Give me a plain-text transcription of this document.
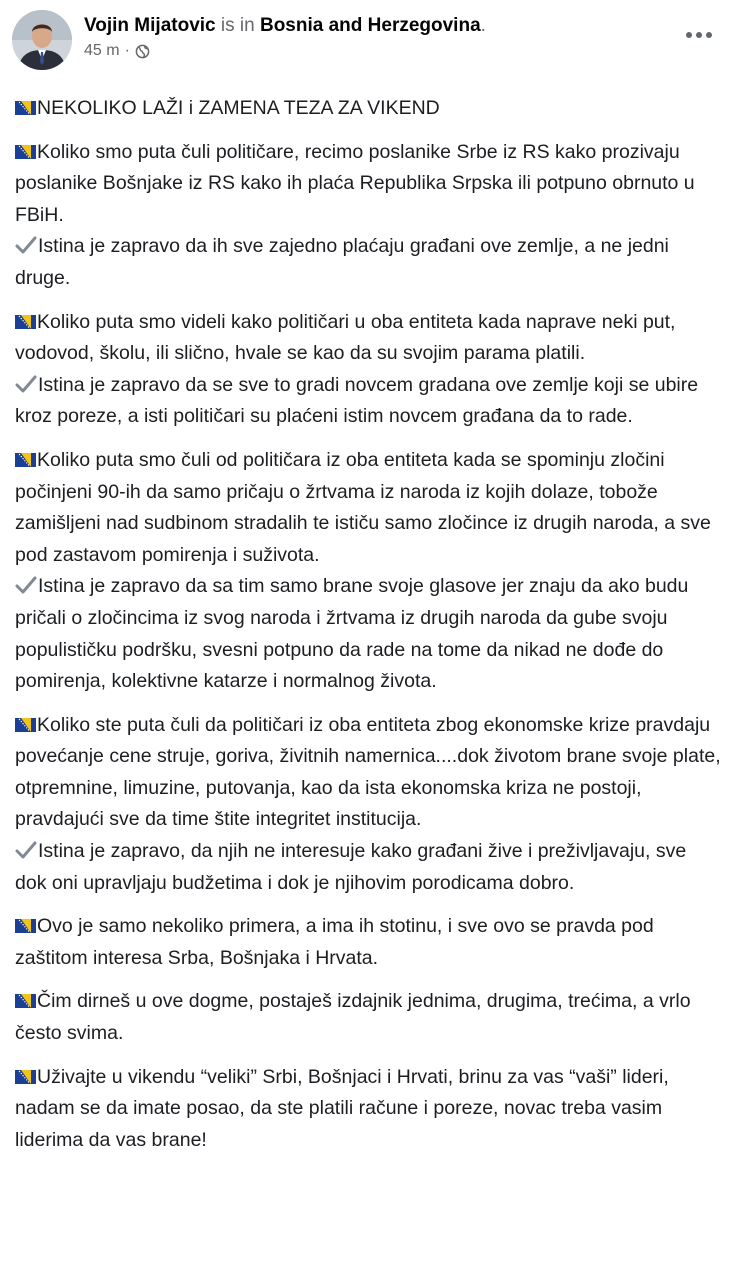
Vojin Mijatovic is in Bosnia and Herzegovina.
45 m ·

NEKOLIKO LAŽI i ZAMENA TEZA ZA VIKEND

Koliko smo puta čuli političare, recimo poslanike Srbe iz RS kako prozivaju poslanike Bošnjake iz RS kako ih plaća Republika Srpska ili potpuno obrnuto u FBiH.
Istina je zapravo da ih sve zajedno plaćaju građani ove zemlje, a ne jedni druge.

Koliko puta smo videli kako političari u oba entiteta kada naprave neki put, vodovod, školu, ili slično, hvale se kao da su svojim parama platili.
Istina je zapravo da se sve to gradi novcem gradana ove zemlje koji se ubire kroz poreze, a isti političari su plaćeni istim novcem građana da to rade.

Koliko puta smo čuli od političara iz oba entiteta kada se spominju zločini počinjeni 90-ih da samo pričaju o žrtvama iz naroda iz kojih dolaze, tobože zamišljeni nad sudbinom stradalih te ističu samo zločince iz drugih naroda, a sve pod zastavom pomirenja i suživota.
Istina je zapravo da sa tim samo brane svoje glasove jer znaju da ako budu pričali o zločincima iz svog naroda i žrtvama iz drugih naroda da gube svoju populističku podršku, svesni potpuno da rade na tome da nikad ne dođe do pomirenja, kolektivne katarze i normalnog života.

Koliko ste puta čuli da političari iz oba entiteta zbog ekonomske krize pravdaju povećanje cene struje, goriva, živitnih namernica....dok životom brane svoje plate, otpremnine, limuzine, putovanja, kao da ista ekonomska kriza ne postoji, pravdajući sve da time štite integritet institucija.
Istina je zapravo, da njih ne interesuje kako građani žive i preživljavaju, sve dok oni upravljaju budžetima i dok je njihovim porodicama dobro.

Ovo je samo nekoliko primera, a ima ih stotinu, i sve ovo se pravda pod zaštitom interesa Srba, Bošnjaka i Hrvata.

Čim dirneš u ove dogme, postaješ izdajnik jednima, drugima, trećima, a vrlo često svima.

Uživajte u vikendu “veliki” Srbi, Bošnjaci i Hrvati, brinu za vas “vaši” lideri, nadam se da imate posao, da ste platili račune i poreze, novac treba vasim liderima da vas brane!
